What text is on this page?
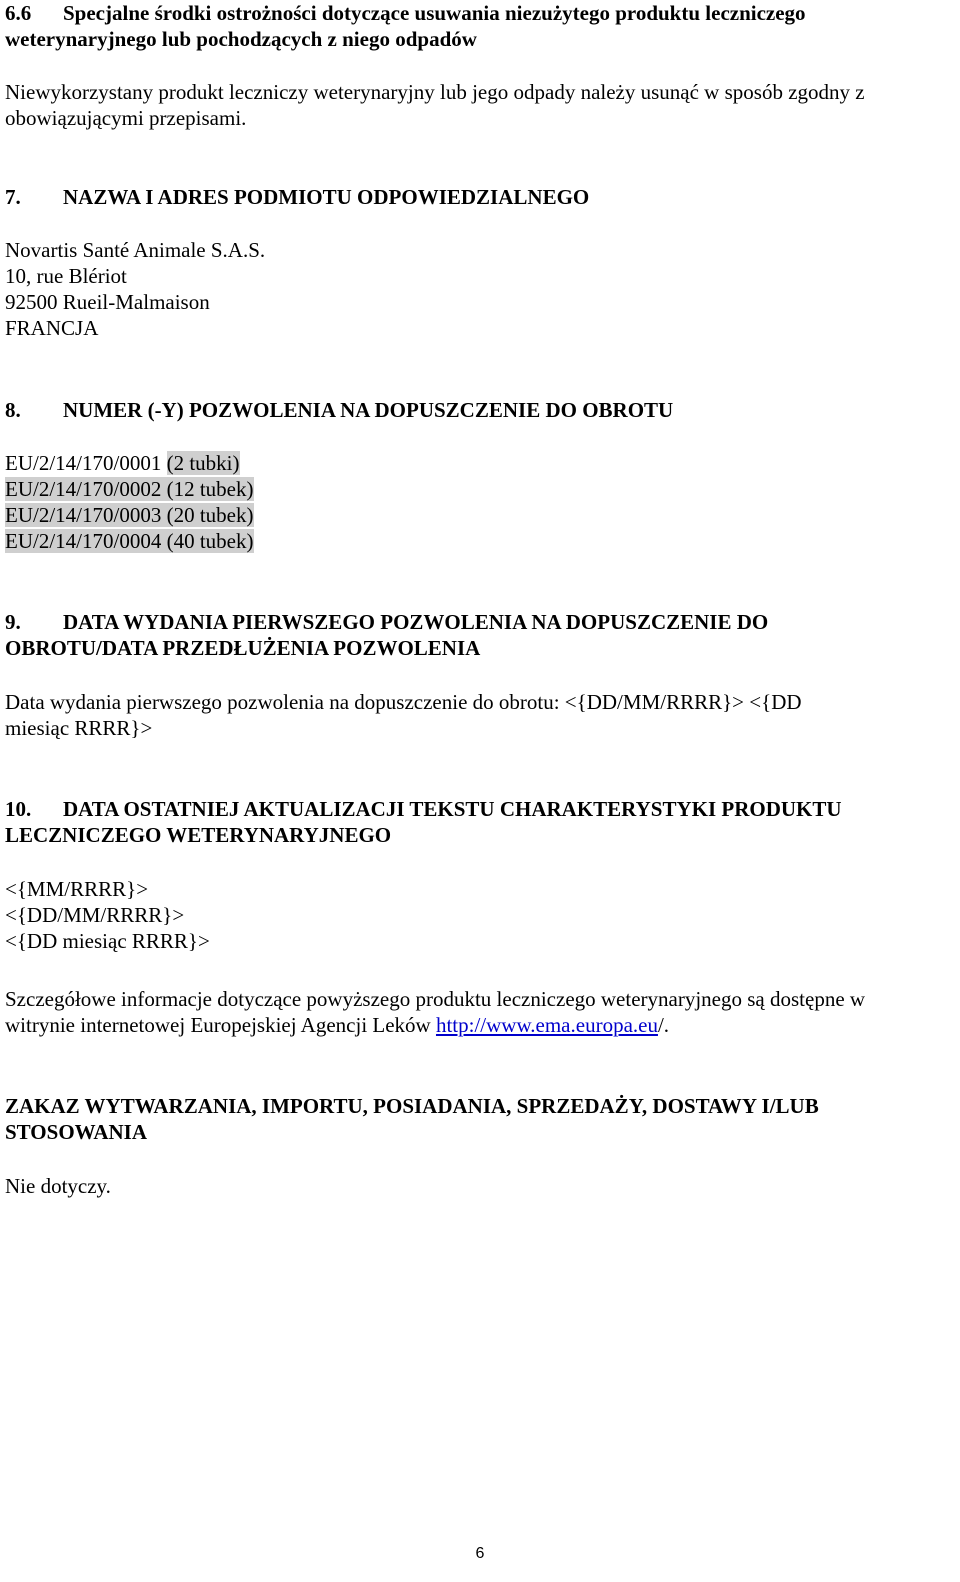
6.6 Specjalne środki ostrożności dotyczące usuwania niezużytego produktu leczniczego
weterynaryjnego lub pochodzących z niego odpadów
Niewykorzystany produkt leczniczy weterynaryjny lub jego odpady należy usunąć w sposób zgodny z
obowiązującymi przepisami.
7. NAZWA I ADRES PODMIOTU ODPOWIEDZIALNEGO
Novartis Santé Animale S.A.S.
10, rue Blériot
92500 Rueil-Malmaison
FRANCJA
8. NUMER (-Y) POZWOLENIA NA DOPUSZCZENIE DO OBROTU
EU/2/14/170/0001 (2 tubki)
EU/2/14/170/0002 (12 tubek)
EU/2/14/170/0003 (20 tubek)
EU/2/14/170/0004 (40 tubek)
9. DATA WYDANIA PIERWSZEGO POZWOLENIA NA DOPUSZCZENIE DO
OBROTU/DATA PRZEDŁUŻENIA POZWOLENIA
Data wydania pierwszego pozwolenia na dopuszczenie do obrotu: <{DD/MM/RRRR}> <{DD
miesiąc RRRR}>
10. DATA OSTATNIEJ AKTUALIZACJI TEKSTU CHARAKTERYSTYKI PRODUKTU
LECZNICZEGO WETERYNARYJNEGO
<{MM/RRRR}>
<{DD/MM/RRRR}>
<{DD miesiąc RRRR}>
Szczegółowe informacje dotyczące powyższego produktu leczniczego weterynaryjnego są dostępne w
witrynie internetowej Europejskiej Agencji Leków http://www.ema.europa.eu/.
ZAKAZ WYTWARZANIA, IMPORTU, POSIADANIA, SPRZEDAŻY, DOSTAWY I/LUB
STOSOWANIA
Nie dotyczy.
6
